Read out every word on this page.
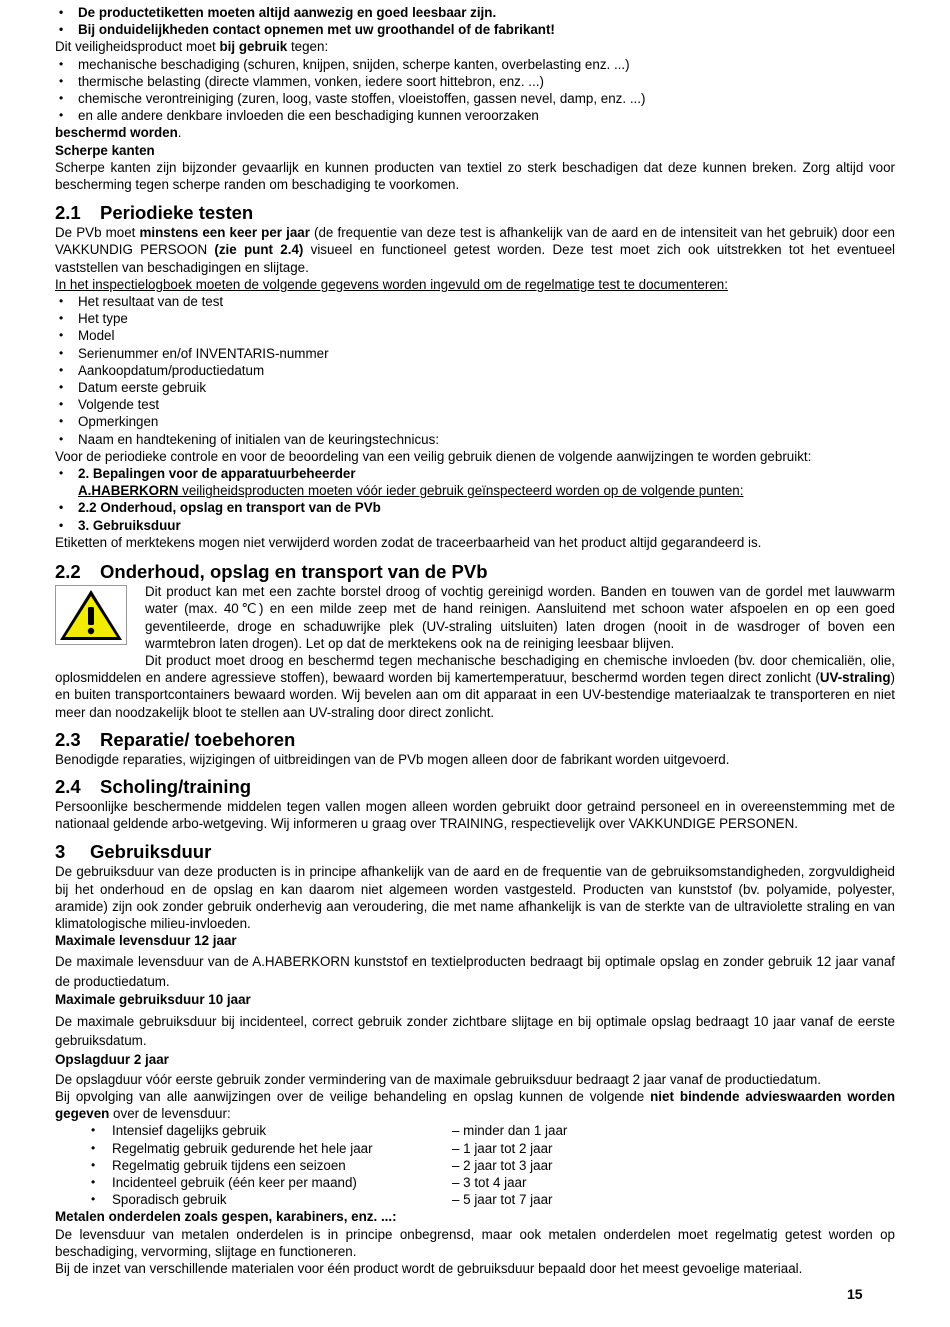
• De productetiketten moeten altijd aanwezig en goed leesbaar zijn.
• Bij onduidelijkheden contact opnemen met uw groothandel of de fabrikant!

Dit veiligheidsproduct moet bij gebruik tegen:

• mechanische beschadiging (schuren, knijpen, snijden, scherpe kanten, overbelasting enz. ...)
• thermische belasting (directe vlammen, vonken, iedere soort hittebron, enz. ...)
• chemische verontreiniging (zuren, loog, vaste stoffen, vloeistoffen, gassen nevel, damp, enz. ...)
• en alle andere denkbare invloeden die een beschadiging kunnen veroorzaken

beschermd worden.

Scherpe kanten

Scherpe kanten zijn bijzonder gevaarlijk en kunnen producten van textiel zo sterk beschadigen dat deze kunnen breken. Zorg altijd voor bescherming tegen scherpe randen om beschadiging te voorkomen.

2.1 Periodieke testen

De PVb moet minstens een keer per jaar (de frequentie van deze test is afhankelijk van de aard en de intensiteit van het gebruik) door een VAKKUNDIG PERSOON (zie punt 2.4) visueel en functioneel getest worden. Deze test moet zich ook uitstrekken tot het eventueel vaststellen van beschadigingen en slijtage.

In het inspectielogboek moeten de volgende gegevens worden ingevuld om de regelmatige test te documenteren:

• Het resultaat van de test
• Het type
• Model
• Serienummer en/of INVENTARIS-nummer
• Aankoopdatum/productiedatum
• Datum eerste gebruik
• Volgende test
• Opmerkingen
• Naam en handtekening of initialen van de keuringstechnicus:

Voor de periodieke controle en voor de beoordeling van een veilig gebruik dienen de volgende aanwijzingen te worden gebruikt:

• 2. Bepalingen voor de apparatuurbeheerder
A.HABERKORN veiligheidsproducten moeten vóór ieder gebruik geïnspecteerd worden op de volgende punten:
• 2.2 Onderhoud, opslag en transport van de PVb
• 3. Gebruiksduur

Etiketten of merktekens mogen niet verwijderd worden zodat de traceerbaarheid van het product altijd gegarandeerd is.

2.2 Onderhoud, opslag en transport van de PVb

Dit product kan met een zachte borstel droog of vochtig gereinigd worden. Banden en touwen van de gordel met lauwwarm water (max. 40℃) en een milde zeep met de hand reinigen. Aansluitend met schoon water afspoelen en op een goed geventileerde, droge en schaduwrijke plek (UV-straling uitsluiten) laten drogen (nooit in de wasdroger of boven een warmtebron laten drogen). Let op dat de merktekens ook na de reiniging leesbaar blijven.

Dit product moet droog en beschermd tegen mechanische beschadiging en chemische invloeden (bv. door chemicaliën, olie, oplosmiddelen en andere agressieve stoffen), bewaard worden bij kamertemperatuur, beschermd worden tegen direct zonlicht (UV-straling) en buiten transportcontainers bewaard worden. Wij bevelen aan om dit apparaat in een UV-bestendige materiaalzak te transporteren en niet meer dan noodzakelijk bloot te stellen aan UV-straling door direct zonlicht.

2.3 Reparatie/ toebehoren

Benodigde reparaties, wijzigingen of uitbreidingen van de PVb mogen alleen door de fabrikant worden uitgevoerd.

2.4 Scholing/training

Persoonlijke beschermende middelen tegen vallen mogen alleen worden gebruikt door getraind personeel en in overeenstemming met de nationaal geldende arbo-wetgeving. Wij informeren u graag over TRAINING, respectievelijk over VAKKUNDIGE PERSONEN.

3 Gebruiksduur

De gebruiksduur van deze producten is in principe afhankelijk van de aard en de frequentie van de gebruiksomstandigheden, zorgvuldigheid bij het onderhoud en de opslag en kan daarom niet algemeen worden vastgesteld. Producten van kunststof (bv. polyamide, polyester, aramide) zijn ook zonder gebruik onderhevig aan veroudering, die met name afhankelijk is van de sterkte van de ultraviolette straling en van klimatologische milieu-invloeden.

Maximale levensduur 12 jaar

De maximale levensduur van de A.HABERKORN kunststof en textielproducten bedraagt bij optimale opslag en zonder gebruik 12 jaar vanaf de productiedatum.

Maximale gebruiksduur 10 jaar

De maximale gebruiksduur bij incidenteel, correct gebruik zonder zichtbare slijtage en bij optimale opslag bedraagt 10 jaar vanaf de eerste gebruiksdatum.

Opslagduur 2 jaar

De opslagduur vóór eerste gebruik zonder vermindering van de maximale gebruiksduur bedraagt 2 jaar vanaf de productiedatum.

Bij opvolging van alle aanwijzingen over de veilige behandeling en opslag kunnen de volgende niet bindende advieswaarden worden gegeven over de levensduur:

• Intensief dagelijks gebruik	– minder dan 1 jaar
• Regelmatig gebruik gedurende het hele jaar	– 1 jaar tot 2 jaar
• Regelmatig gebruik tijdens een seizoen	– 2 jaar tot 3 jaar
• Incidenteel gebruik (één keer per maand)	– 3 tot 4 jaar
• Sporadisch gebruik	– 5 jaar tot 7 jaar

Metalen onderdelen zoals gespen, karabiners, enz. ...:

De levensduur van metalen onderdelen is in principe onbegrensd, maar ook metalen onderdelen moet regelmatig getest worden op beschadiging, vervorming, slijtage en functioneren.

Bij de inzet van verschillende materialen voor één product wordt de gebruiksduur bepaald door het meest gevoelige materiaal.

15
